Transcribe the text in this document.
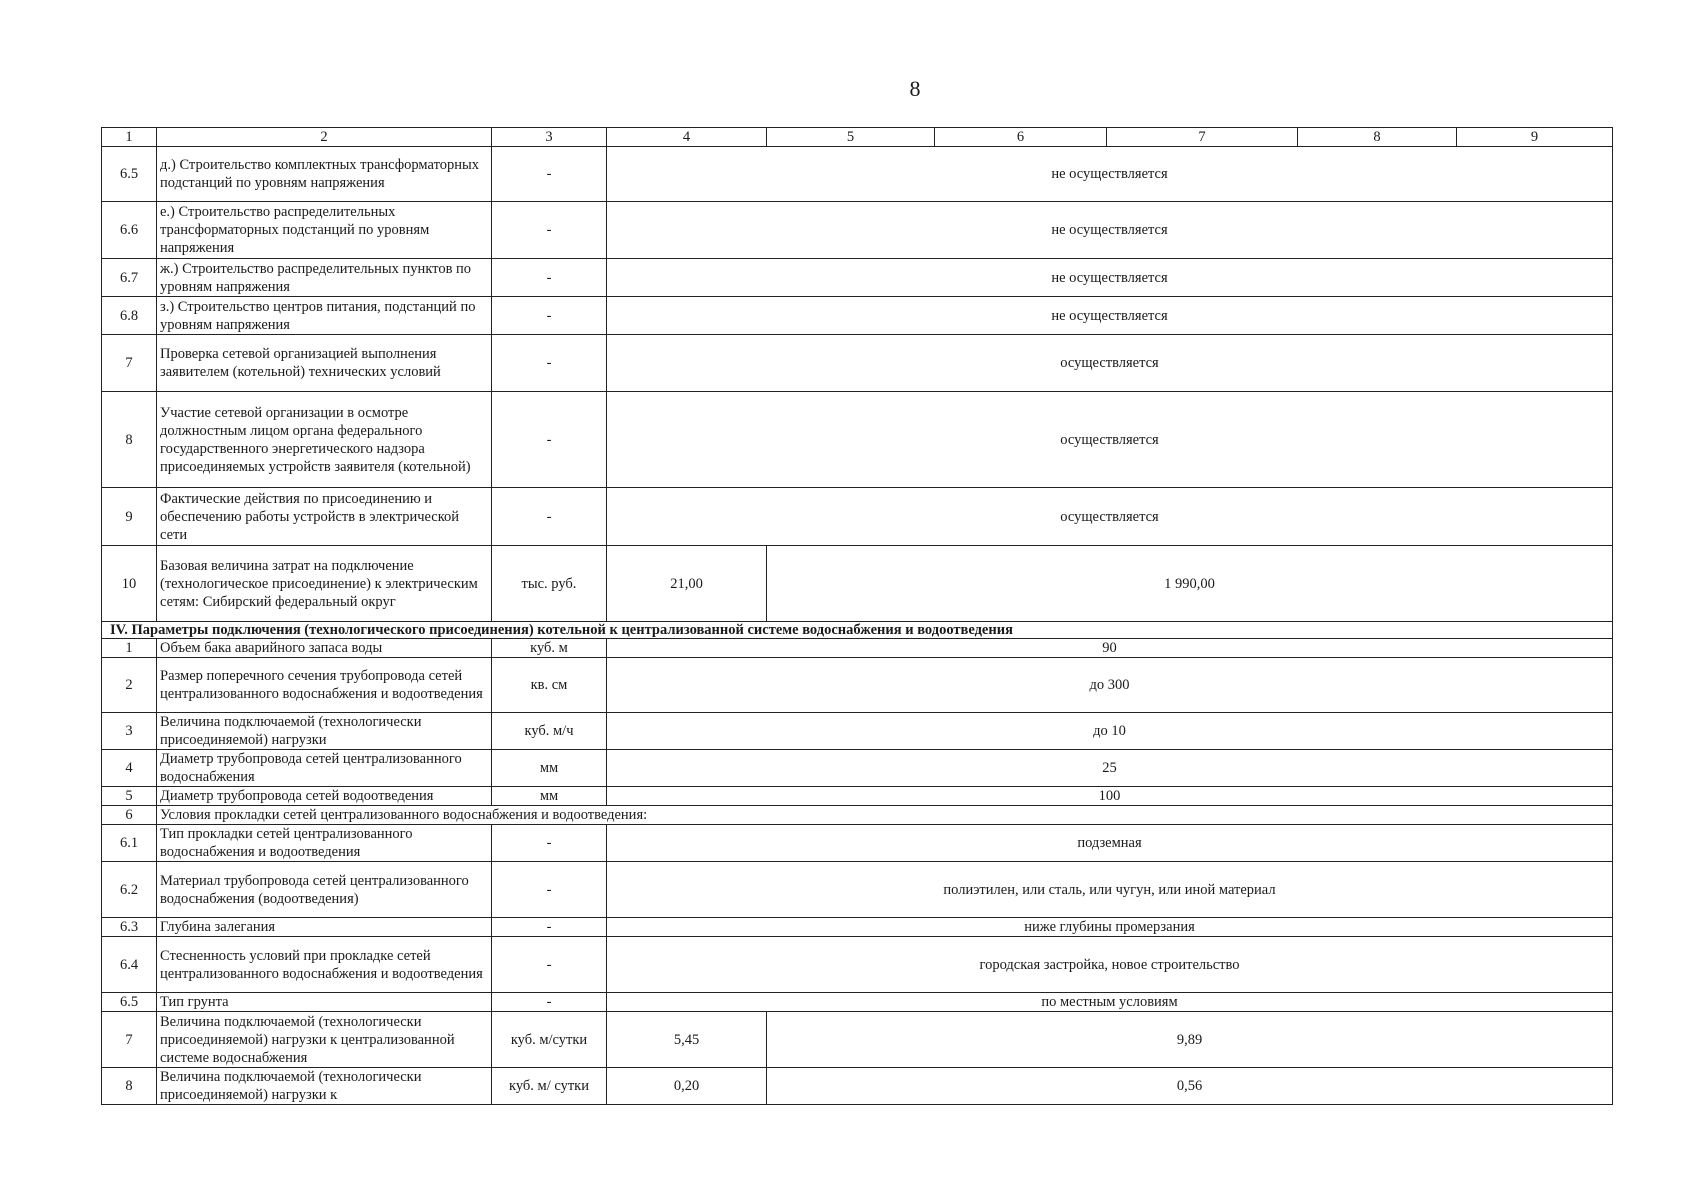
8
1	2	3	4	5	6	7	8	9
6.5	д.) Строительство комплектных трансформаторных подстанций по уровням напряжения	-	не осуществляется					
6.6	е.) Строительство распределительных трансформаторных подстанций по уровням напряжения	-	не осуществляется					
6.7	ж.) Строительство распределительных пунктов по уровням напряжения	-	не осуществляется					
6.8	з.) Строительство центров питания, подстанций по уровням напряжения	-	не осуществляется					
7	Проверка сетевой организацией выполнения заявителем (котельной) технических условий	-	осуществляется					
8	Участие сетевой организации в осмотре должностным лицом органа федерального государственного энергетического надзора присоединяемых устройств заявителя (котельной)	-	осуществляется					
9	Фактические действия по присоединению и обеспечению работы устройств в электрической сети	-	осуществляется					
10	Базовая величина затрат на подключение (технологическое присоединение) к электрическим сетям: Сибирский федеральный округ	тыс. руб.	21,00	1 990,00				
IV. Параметры подключения (технологического присоединения) котельной к централизованной системе водоснабжения и водоотведения								
1	Объем бака аварийного запаса воды	куб. м	90					
2	Размер поперечного сечения трубопровода сетей централизованного водоснабжения и водоотведения	кв. см	до 300					
3	Величина подключаемой (технологически присоединяемой) нагрузки	куб. м/ч	до 10					
4	Диаметр трубопровода сетей централизованного водоснабжения	мм	25					
5	Диаметр трубопровода сетей водоотведения	мм	100					
6	Условия прокладки сетей централизованного водоснабжения и водоотведения:							
6.1	Тип прокладки сетей централизованного водоснабжения и водоотведения	-	подземная					
6.2	Материал трубопровода сетей централизованного водоснабжения (водоотведения)	-	полиэтилен, или сталь, или чугун, или иной материал					
6.3	Глубина залегания	-	ниже глубины промерзания					
6.4	Стесненность условий при прокладке сетей централизованного водоснабжения и водоотведения	-	городская застройка, новое строительство					
6.5	Тип грунта	-	по местным условиям					
7	Величина подключаемой (технологически присоединяемой) нагрузки к централизованной системе водоснабжения	куб. м/сутки	5,45	9,89				
8	Величина подключаемой (технологически присоединяемой) нагрузки к	куб. м/ сутки	0,20	0,56				
